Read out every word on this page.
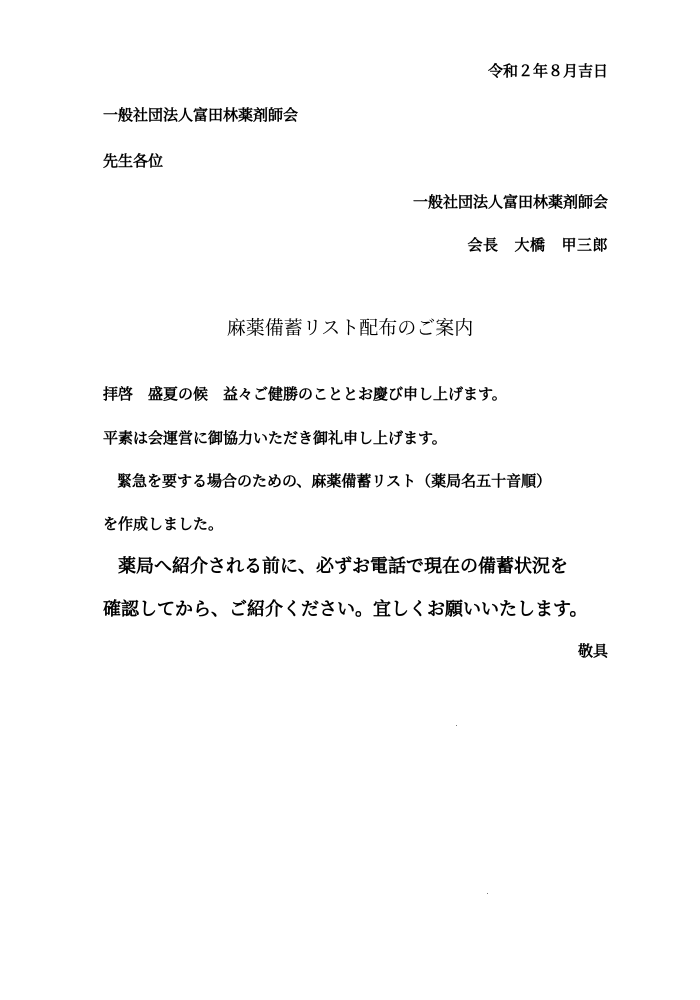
令和２年８月吉日
一般社団法人富田林薬剤師会
先生各位
一般社団法人富田林薬剤師会
会長 大橋 甲三郎
麻薬備蓄リスト配布のご案内
拝啓　盛夏の候　益々ご健勝のこととお慶び申し上げます。
平素は会運営に御協力いただき御礼申し上げます。
緊急を要する場合のための、麻薬備蓄リスト（薬局名五十音順）
を作成しました。
薬局へ紹介される前に、必ずお電話で現在の備蓄状況を
確認してから、ご紹介ください。宜しくお願いいたします。
敬具
